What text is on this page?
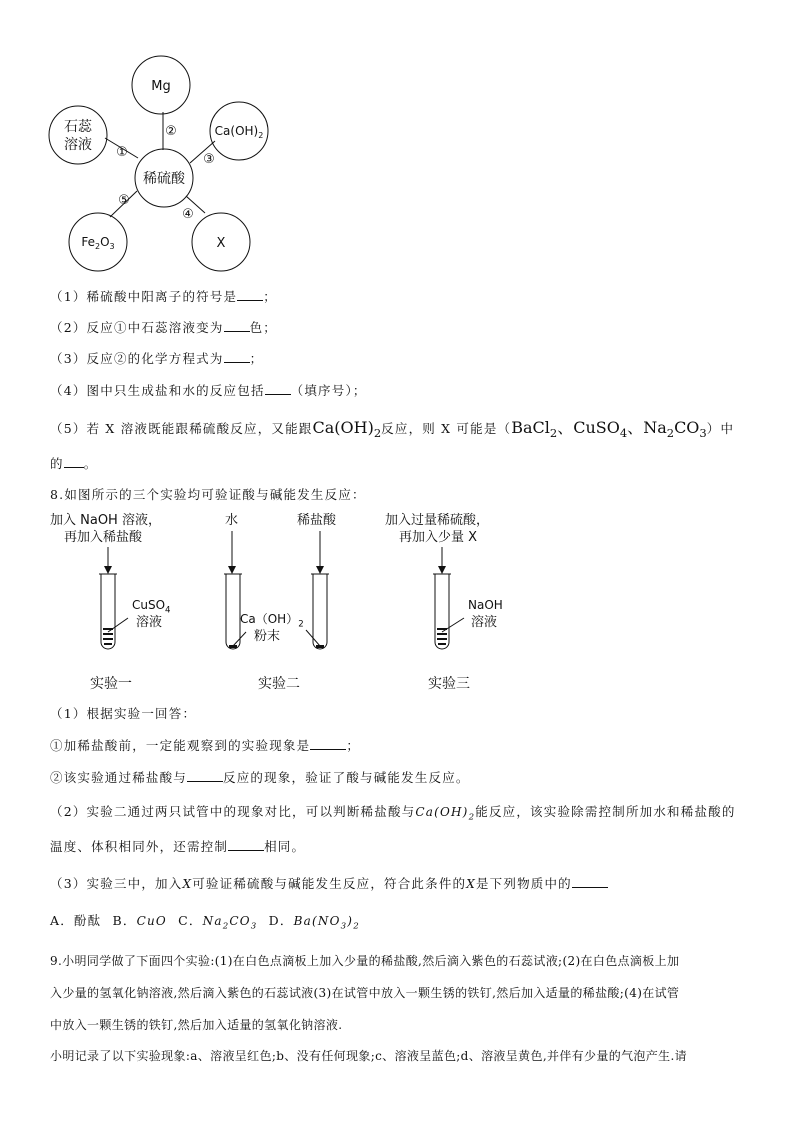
Mg
石蕊
溶液
$Ca(OH)_2$
稀硫酸
$Fe_2O_3$	X
①
②
③
④
⑤
（1）稀硫酸中阳离子的符号是 ；
（2）反应①中石蕊溶液变为 色；
（3）反应②的化学方程式为 ；
（4）图中只生成盐和水的反应包括 （填序号）；
（5）若 X 溶液既能跟稀硫酸反应，又能跟$Ca(OH)_2$反应，则 X 可能是（BaCl$_2$、CuSO$_4$、$Na_2CO_3$）中
的 。
8.如图所示的三个实验均可验证酸与碱能发生反应：
加入 NaOH 溶液，
再加入稀盐酸
水	稀盐酸	加入过量稀硫酸，
再加入少量 X
CuSO$_4$
溶液	$Ca(OH)_2$
粉末
NaOH
溶液
实验一	实验二	实验三
（1）根据实验一回答：
①加稀盐酸前，一定能观察到的实验现象是	；
②该实验通过稀盐酸与	反应的现象，验证了酸与碱能发生反应。
（2）实验二通过两只试管中的现象对比，可以判断稀盐酸与$Ca(OH)_2$能反应，该实验除需控制所加水和稀盐酸的
温度、体积相同外，还需控制	相同。
（3）实验三中，加入X可验证稀硫酸与碱能发生反应，符合此条件的X是下列物质中的
A．酚酞 B．CuO C．$Na_2CO_3$ D．$Ba(NO_3)_2$
9.小明同学做了下面四个实验:(1)在白色点滴板上加入少量的稀盐酸,然后滴入紫色的石蕊试液;(2)在白色点滴板上加
入少量的氢氧化钠溶液,然后滴入紫色的石蕊试液(3)在试管中放入一颗生锈的铁钉,然后加入适量的稀盐酸;(4)在试管
中放入一颗生锈的铁钉,然后加入适量的氢氧化钠溶液.
小明记录了以下实验现象:a、溶液呈红色;b、没有任何现象;c、溶液呈蓝色;d、溶液呈黄色,并伴有少量的气泡产生.请
